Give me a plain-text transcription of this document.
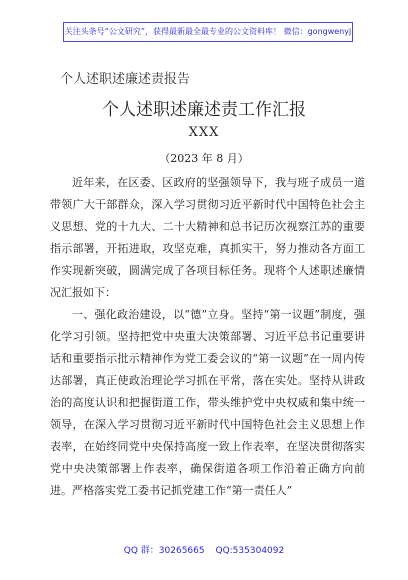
关注头条号“公文研究”，获得最新最全最专业的公文资料库！ 微信：gongwenyj
个人述职述廉述责报告
个人述职述廉述责工作汇报
XXX
（2023 年 8 月）

近年来，在区委、区政府的坚强领导下，我与班子成员一道带领广大干部群众，深入学习贯彻习近平新时代中国特色社会主义思想、党的十九大、二十大精神和总书记历次视察江苏的重要指示部署，开拓进取，攻坚克难，真抓实干，努力推动各方面工作实现新突破，圆满完成了各项目标任务。现将个人述职述廉情况汇报如下：

一、强化政治建设，以“德”立身。坚持“第一议题”制度，强化学习引领。坚持把党中央重大决策部署、习近平总书记重要讲话和重要指示批示精神作为党工委会议的“第一议题”在一周内传达部署，真正使政治理论学习抓在平常，落在实处。坚持从讲政治的高度认识和把握街道工作，带头维护党中央权威和集中统一领导，在深入学习贯彻习近平新时代中国特色社会主义思想上作表率，在始终同党中央保持高度一致上作表率，在坚决贯彻落实党中央决策部署上作表率，确保街道各项工作沿着正确方向前进。严格落实党工委书记抓党建工作“第一责任人”

QQ 群：30265665 QQ:535304092
